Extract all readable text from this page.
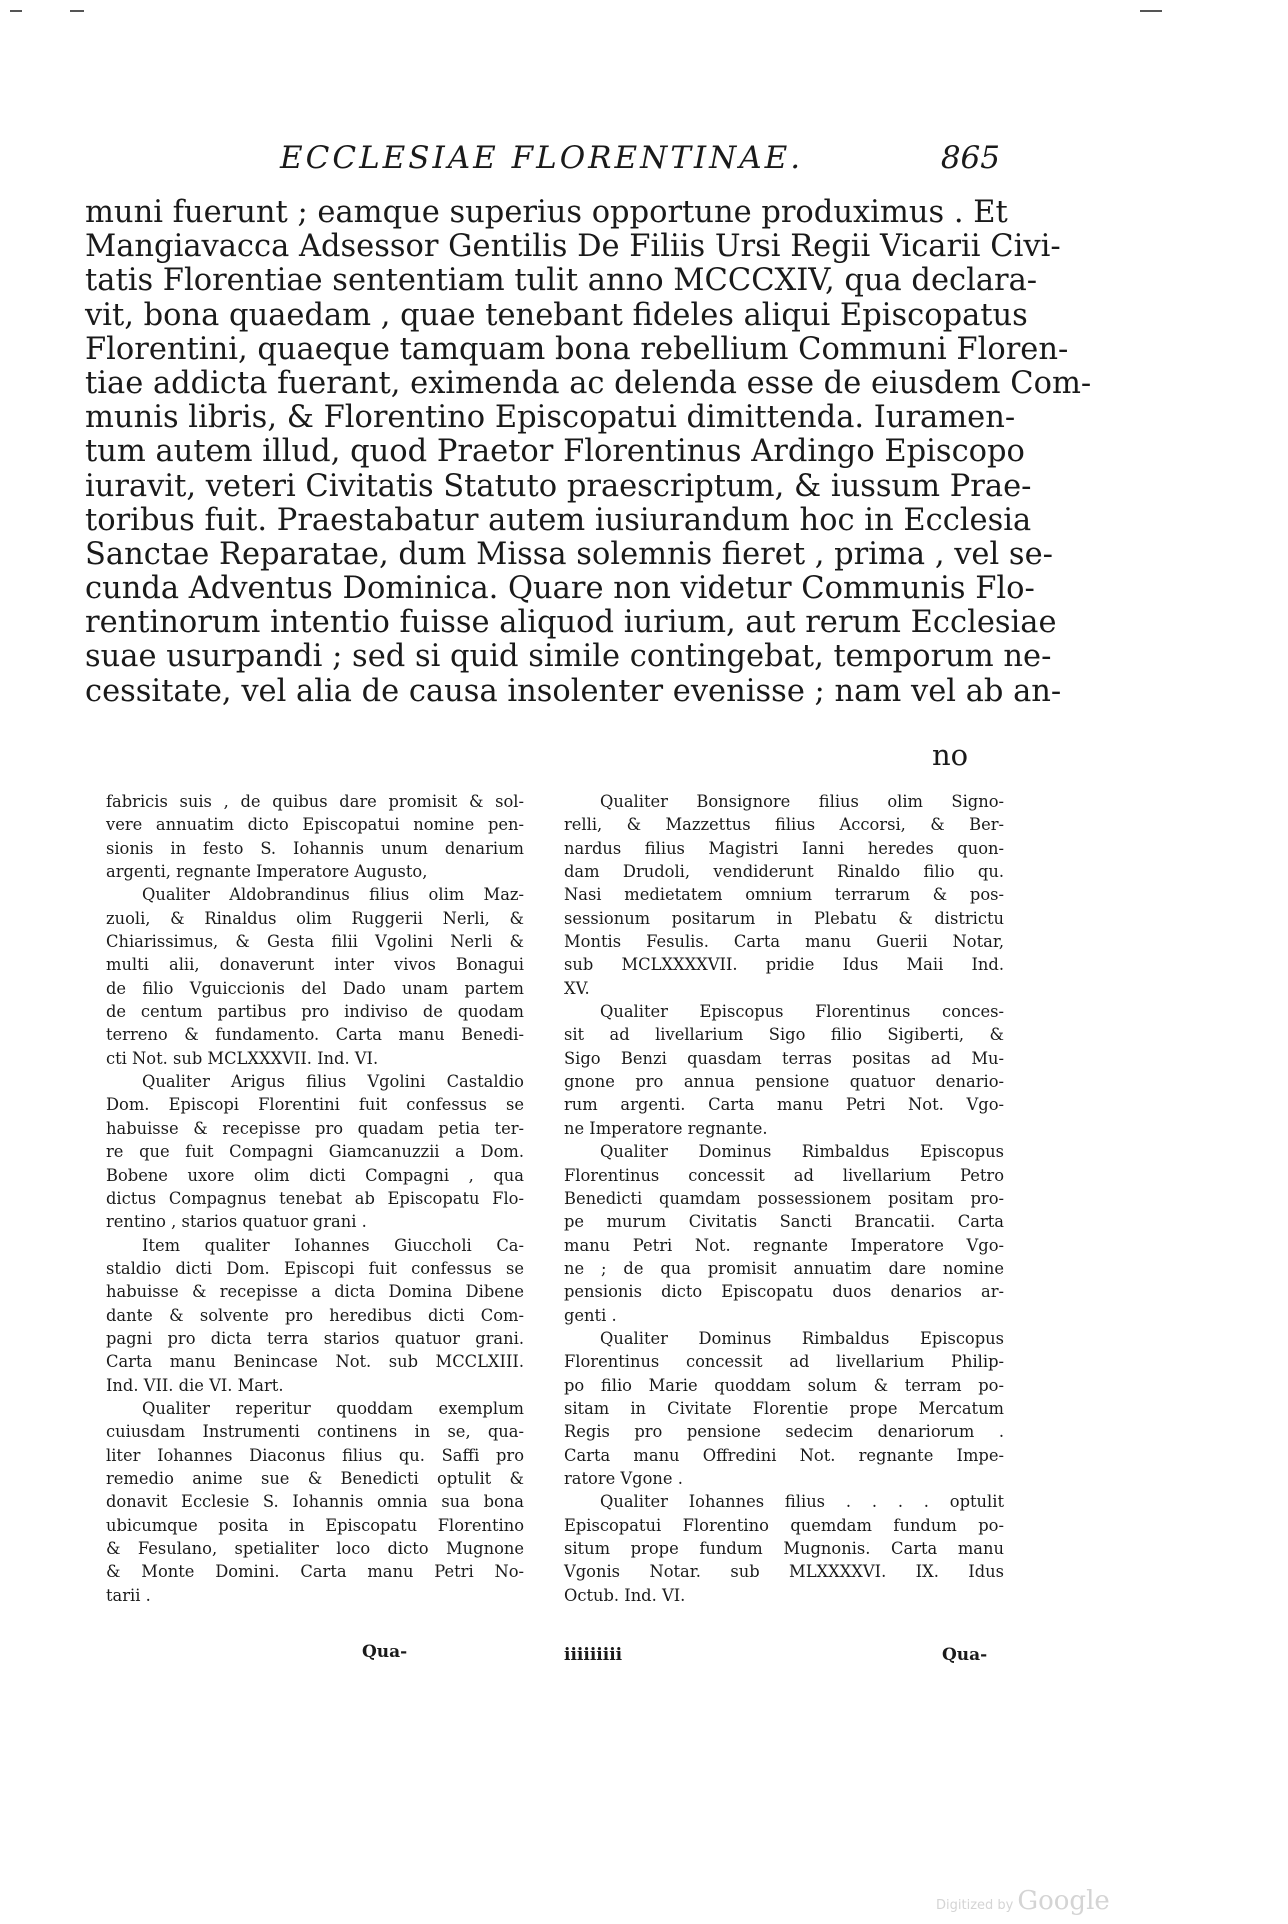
ECCLESIAE FLORENTINAE.	865
muni fuerunt ; eamque superius opportune produximus . Et
Mangiavacca Adsessor Gentilis De Filiis Ursi Regii Vicarii Civi-
tatis Florentiae sententiam tulit anno MCCCXIV, qua declara-
vit, bona quaedam , quae tenebant fideles aliqui Episcopatus
Florentini, quaeque tamquam bona rebellium Communi Floren-
tiae addicta fuerant, eximenda ac delenda esse de eiusdem Com-
munis libris, & Florentino Episcopatui dimittenda. Iuramen-
tum autem illud, quod Praetor Florentinus Ardingo Episcopo
iuravit, veteri Civitatis Statuto praescriptum, & iussum Prae-
toribus fuit. Praestabatur autem iusiurandum hoc in Ecclesia
Sanctae Reparatae, dum Missa solemnis fieret , prima , vel se-
cunda Adventus Dominica. Quare non videtur Communis Flo-
rentinorum intentio fuisse aliquod iurium, aut rerum Ecclesiae
suae usurpandi ; sed si quid simile contingebat, temporum ne-
cessitate, vel alia de causa insolenter evenisse ; nam vel ab an-
no
fabricis suis , de quibus dare promisit & sol-
vere annuatim dicto Episcopatui nomine pen-
sionis in festo S. Iohannis unum denarium
argenti, regnante Imperatore Augusto,
Qualiter Aldobrandinus filius olim Maz-
zuoli, & Rinaldus olim Ruggerii Nerli, &
Chiarissimus, & Gesta filii Vgolini Nerli &
multi alii, donaverunt inter vivos Bonagui
de filio Vguiccionis del Dado unam partem
de centum partibus pro indiviso de quodam
terreno & fundamento. Carta manu Benedi-
cti Not. sub MCLXXXVII. Ind. VI.
Qualiter Arigus filius Vgolini Castaldio
Dom. Episcopi Florentini fuit confessus se
habuisse & recepisse pro quadam petia ter-
re que fuit Compagni Giamcanuzzii a Dom.
Bobene uxore olim dicti Compagni , qua
dictus Compagnus tenebat ab Episcopatu Flo-
rentino , starios quatuor grani .
Item qualiter Iohannes Giuccholi Ca-
staldio dicti Dom. Episcopi fuit confessus se
habuisse & recepisse a dicta Domina Dibene
dante & solvente pro heredibus dicti Com-
pagni pro dicta terra starios quatuor grani.
Carta manu Benincase Not. sub MCCLXIII.
Ind. VII. die VI. Mart.
Qualiter reperitur quoddam exemplum
cuiusdam Instrumenti continens in se, qua-
liter Iohannes Diaconus filius qu. Saffi pro
remedio anime sue & Benedicti optulit &
donavit Ecclesie S. Iohannis omnia sua bona
ubicumque posita in Episcopatu Florentino
& Fesulano, spetialiter loco dicto Mugnone
& Monte Domini. Carta manu Petri No-
tarii .
Qualiter Bonsignore filius olim Signo-
relli, & Mazzettus filius Accorsi, & Ber-
nardus filius Magistri Ianni heredes quon-
dam Drudoli, vendiderunt Rinaldo filio qu.
Nasi medietatem omnium terrarum & pos-
sessionum positarum in Plebatu & districtu
Montis Fesulis. Carta manu Guerii Notar,
sub MCLXXXXVII. pridie Idus Maii Ind.
XV.
Qualiter Episcopus Florentinus conces-
sit ad livellarium Sigo filio Sigiberti, &
Sigo Benzi quasdam terras positas ad Mu-
gnone pro annua pensione quatuor denario-
rum argenti. Carta manu Petri Not. Vgo-
ne Imperatore regnante.
Qualiter Dominus Rimbaldus Episcopus
Florentinus concessit ad livellarium Petro
Benedicti quamdam possessionem positam pro-
pe murum Civitatis Sancti Brancatii. Carta
manu Petri Not. regnante Imperatore Vgo-
ne ; de qua promisit annuatim dare nomine
pensionis dicto Episcopatu duos denarios ar-
genti .
Qualiter Dominus Rimbaldus Episcopus
Florentinus concessit ad livellarium Philip-
po filio Marie quoddam solum & terram po-
sitam in Civitate Florentie prope Mercatum
Regis pro pensione sedecim denariorum .
Carta manu Offredini Not. regnante Impe-
ratore Vgone .
Qualiter Iohannes filius . . . . optulit
Episcopatui Florentino quemdam fundum po-
situm prope fundum Mugnonis. Carta manu
Vgonis Notar. sub MLXXXXVI. IX. Idus
Octub. Ind. VI.
Qua-	iiiiiiiii	Qua-
Digitized by Google
